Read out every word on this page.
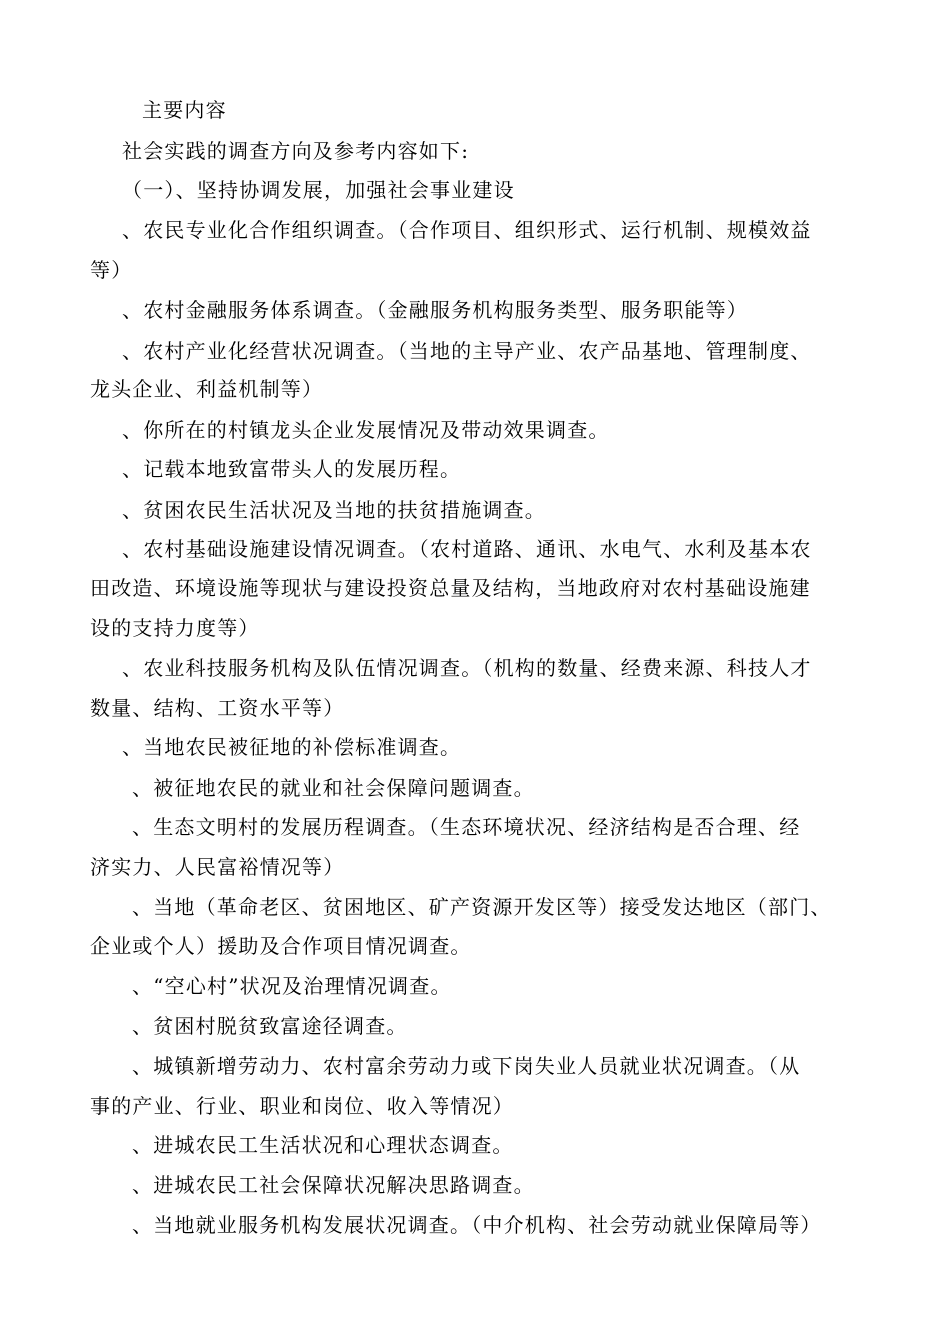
主要内容
社会实践的调查方向及参考内容如下:
（一）、坚持协调发展，加强社会事业建设
、农民专业化合作组织调查。（合作项目、组织形式、运行机制、规模效益
等）
、农村金融服务体系调查。（金融服务机构服务类型、服务职能等）
、农村产业化经营状况调查。（当地的主导产业、农产品基地、管理制度、
龙头企业、利益机制等）
、你所在的村镇龙头企业发展情况及带动效果调查。
、记载本地致富带头人的发展历程。
、贫困农民生活状况及当地的扶贫措施调查。
、农村基础设施建设情况调查。（农村道路、通讯、水电气、水利及基本农
田改造、环境设施等现状与建设投资总量及结构，当地政府对农村基础设施建
设的支持力度等）
、农业科技服务机构及队伍情况调查。（机构的数量、经费来源、科技人才
数量、结构、工资水平等）
、当地农民被征地的补偿标准调查。
、被征地农民的就业和社会保障问题调查。
、生态文明村的发展历程调查。（生态环境状况、经济结构是否合理、经
济实力、人民富裕情况等）
、当地（革命老区、贫困地区、矿产资源开发区等）接受发达地区（部门、
企业或个人）援助及合作项目情况调查。
、“空心村”状况及治理情况调查。
、贫困村脱贫致富途径调查。
、城镇新增劳动力、农村富余劳动力或下岗失业人员就业状况调查。（从
事的产业、行业、职业和岗位、收入等情况）
、进城农民工生活状况和心理状态调查。
、进城农民工社会保障状况解决思路调查。
、当地就业服务机构发展状况调查。（中介机构、社会劳动就业保障局等）
